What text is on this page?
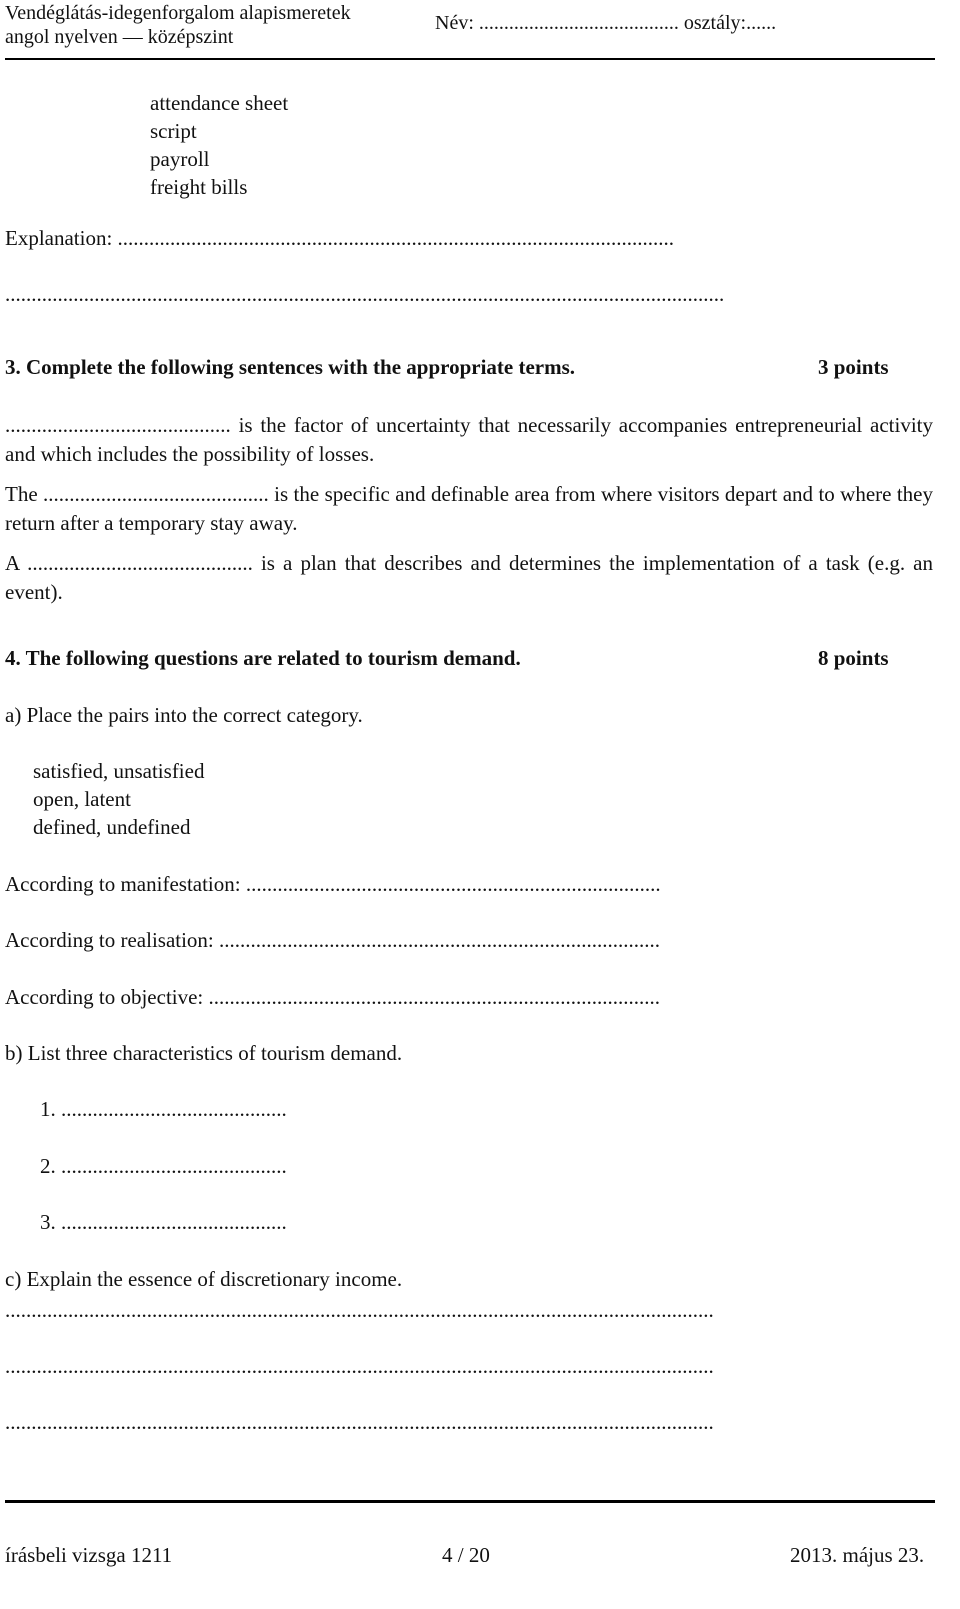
Vendéglátás-idegenforgalom alapismeretek
angol nyelven — középszint
Név: ........................................ osztály:......
attendance sheet
script
payroll
freight bills
Explanation: ..........................................................................................................
.........................................................................................................................................
3. Complete the following sentences with the appropriate terms.	3 points
........................................... is the factor of uncertainty that necessarily accompanies entrepreneurial activity and which includes the possibility of losses.
The ........................................... is the specific and definable area from where visitors depart and to where they return after a temporary stay away.
A ........................................... is a plan that describes and determines the implementation of a task (e.g. an event).
4. The following questions are related to tourism demand.	8 points
a) Place the pairs into the correct category.
satisfied, unsatisfied
open, latent
defined, undefined
According to manifestation: ...............................................................................
According to realisation: ....................................................................................
According to objective: ......................................................................................
b) List three characteristics of tourism demand.
1. ...........................................
2. ...........................................
3. ...........................................
c) Explain the essence of discretionary income.
.......................................................................................................................................
.......................................................................................................................................
.......................................................................................................................................
írásbeli vizsga 1211	4 / 20	2013. május 23.
